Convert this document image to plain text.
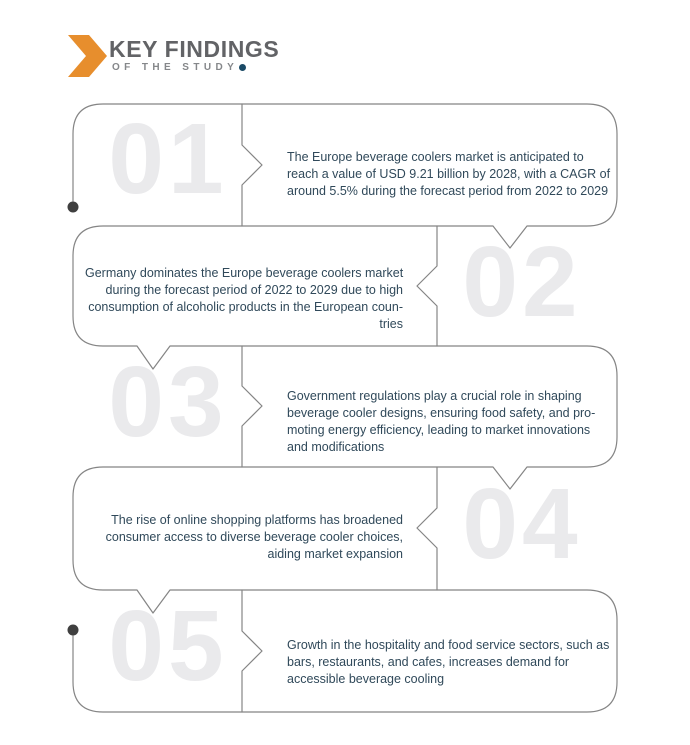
KEY FINDINGS
OF THE STUDY
01	The Europe beverage coolers market is anticipated to
reach a value of USD 9.21 billion by 2028, with a CAGR of
around 5.5% during the forecast period from 2022 to 2029
02
Germany dominates the Europe beverage coolers market
during the forecast period of 2022 to 2029 due to high
consumption of alcoholic products in the European coun-
tries
03	Government regulations play a crucial role in shaping
beverage cooler designs, ensuring food safety, and pro-
moting energy efficiency, leading to market innovations
and modifications
04
The rise of online shopping platforms has broadened
consumer access to diverse beverage cooler choices,
aiding market expansion
05	Growth in the hospitality and food service sectors, such as
bars, restaurants, and cafes, increases demand for
accessible beverage cooling
